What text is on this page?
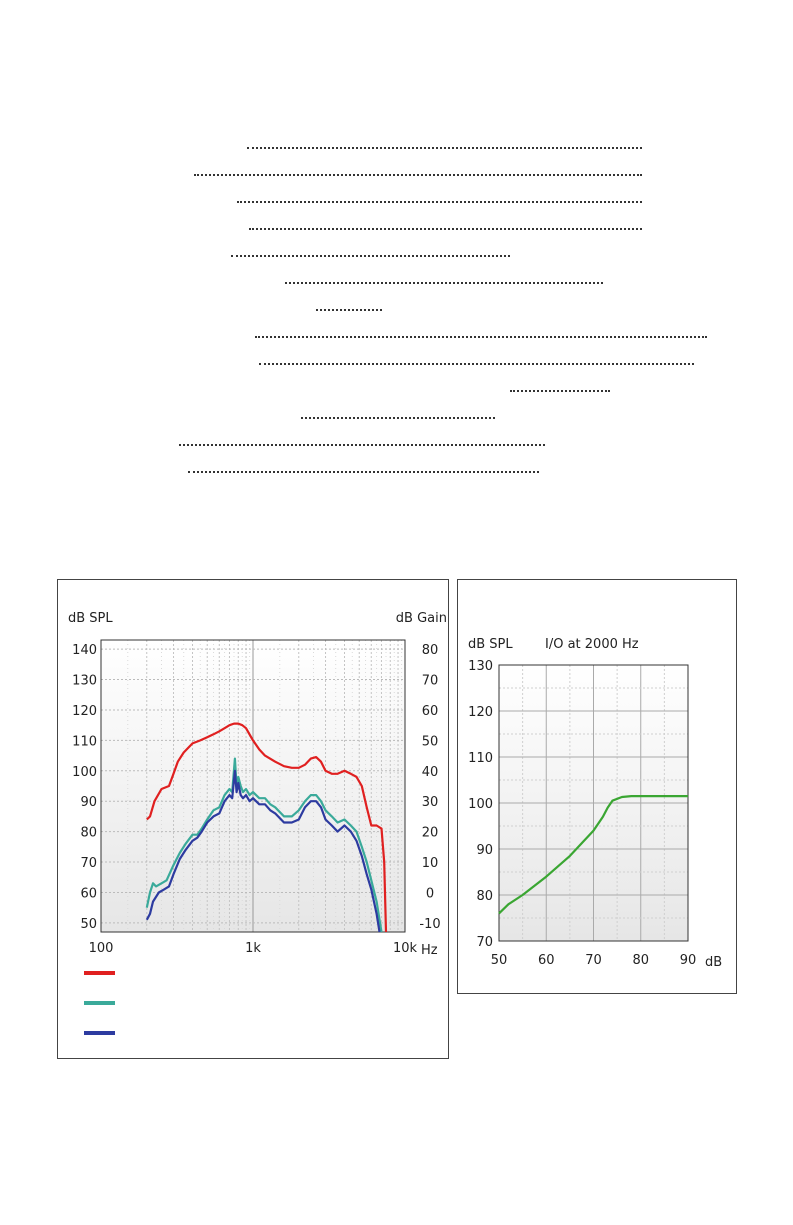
dB SPL	dB Gain
140
130
120
110
100
90
80
70
60
50
80
70
60
50
40
30
20
10
0
-10
100	1k	10k Hz
dB SPL I/O at 2000 Hz
130
120
110
100
90
80
70
50 60 70 80 90 dB
